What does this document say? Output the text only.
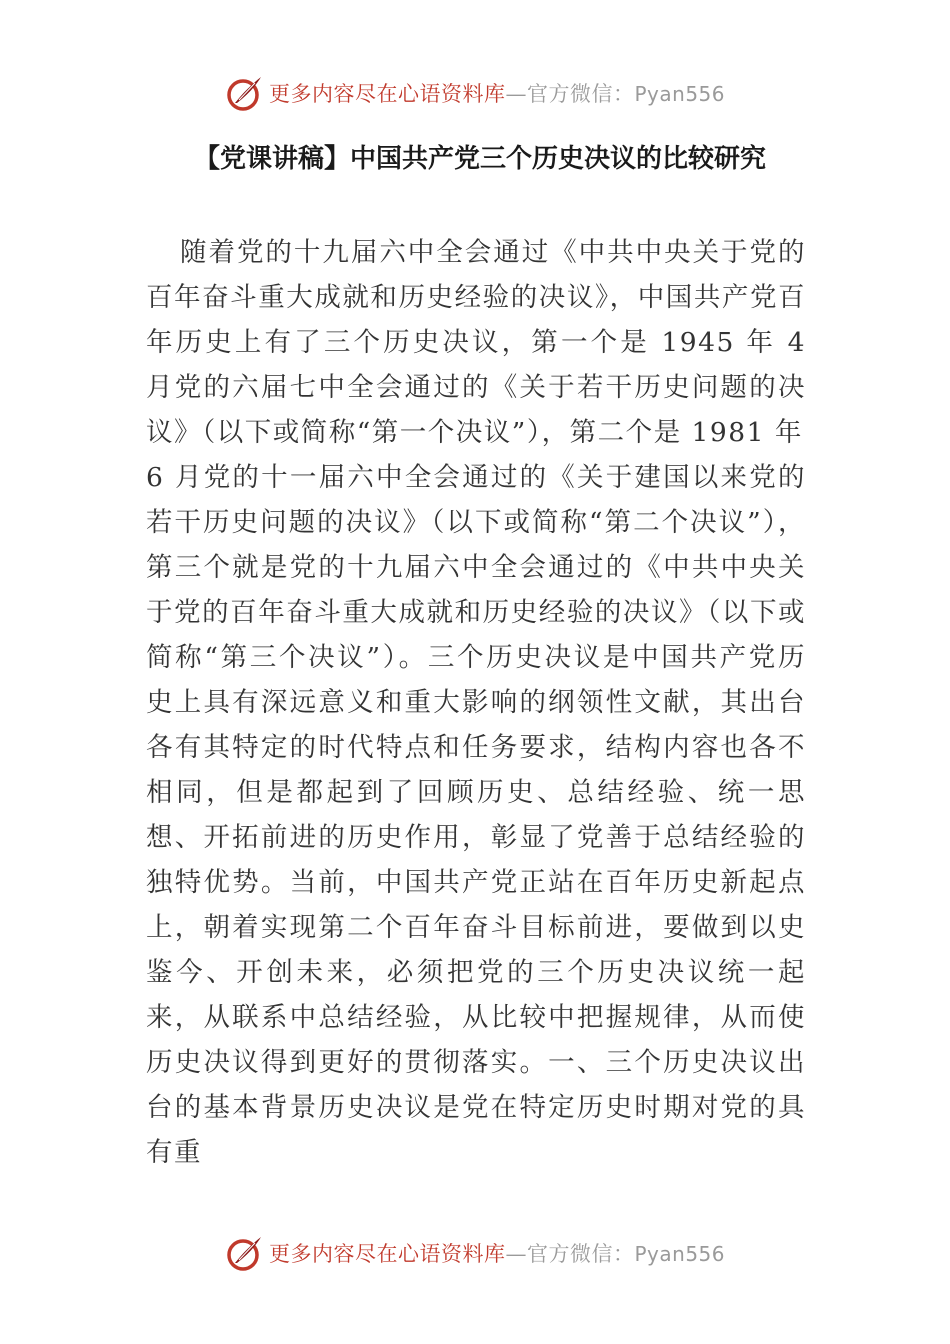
更多内容尽在心语资料库—官方微信：Pyan556
【党课讲稿】中国共产党三个历史决议的比较研究

随着党的十九届六中全会通过《中共中央关于党的百年奋斗重大成就和历史经验的决议》，中国共产党百年历史上有了三个历史决议，第一个是 1945 年 4 月党的六届七中全会通过的《关于若干历史问题的决议》（以下或简称“第一个决议”），第二个是 1981 年

6 月党的十一届六中全会通过的《关于建国以来党的若干历史问题的决议》（以下或简称“第二个决议”），第三个就是党的十九届六中全会通过的《中共中央关于党的百年奋斗重大成就和历史经验的决议》（以下或简称“第三个决议”）。三个历史决议是中国共产党历史上具有深远意义和重大影响的纲领性文献，其出台各有其特定的时代特点和任务要求，结构内容也各不相同，但是都起到了回顾历史、总结经验、统一思想、开拓前进的历史作用，彰显了党善于总结经验的独特优势。当前，中国共产党正站在百年历史新起点上，朝着实现第二个百年奋斗目标前进，要做到以史鉴今、开创未来，必须把党的三个历史决议统一起来，从联系中总结经验，从比较中把握规律，从而使历史决议得到更好的贯彻落实。一、三个历史决议出台的基本背景历史决议是党在特定历史时期对党的具有重

更多内容尽在心语资料库—官方微信：Pyan556
